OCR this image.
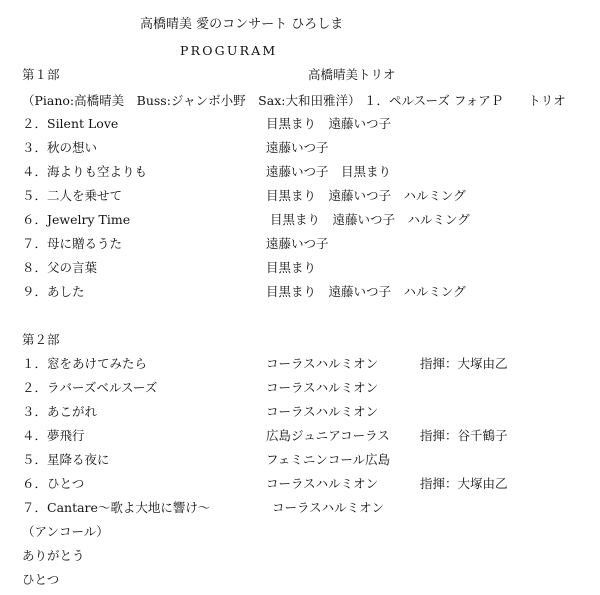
高橋晴美 愛のコンサート ひろしま
PROGURAM
第１部	高橋晴美トリオ
（Piano:高橋晴美　Buss:ジャンボ小野　Sax:大和田雅洋） １．ペルスーズ フォアＰ　　トリオ
２．Silent Love	目黒まり　遠藤いつ子
３．秋の想い	遠藤いつ子
４．海よりも空よりも	遠藤いつ子　目黒まり
５．二人を乗せて	目黒まり　遠藤いつ子　ハルミング
６．Jewelry Time	目黒まり　遠藤いつ子　ハルミング
７．母に贈るうた	遠藤いつ子
８．父の言葉	目黒まり
９．あした	目黒まり　遠藤いつ子　ハルミング
第２部
１．窓をあけてみたら	コーラスハルミオン	指揮：大塚由乙
２．ラバーズベルスーズ	コーラスハルミオン
３．あこがれ	コーラスハルミオン
４．夢飛行	広島ジュニアコーラス 指揮：谷千鶴子
５．星降る夜に	フェミニンコール広島
６．ひとつ	コーラスハルミオン	指揮：大塚由乙
７．Cantare～歌よ大地に響け～	コーラスハルミオン
（アンコール）
ありがとう
ひとつ
